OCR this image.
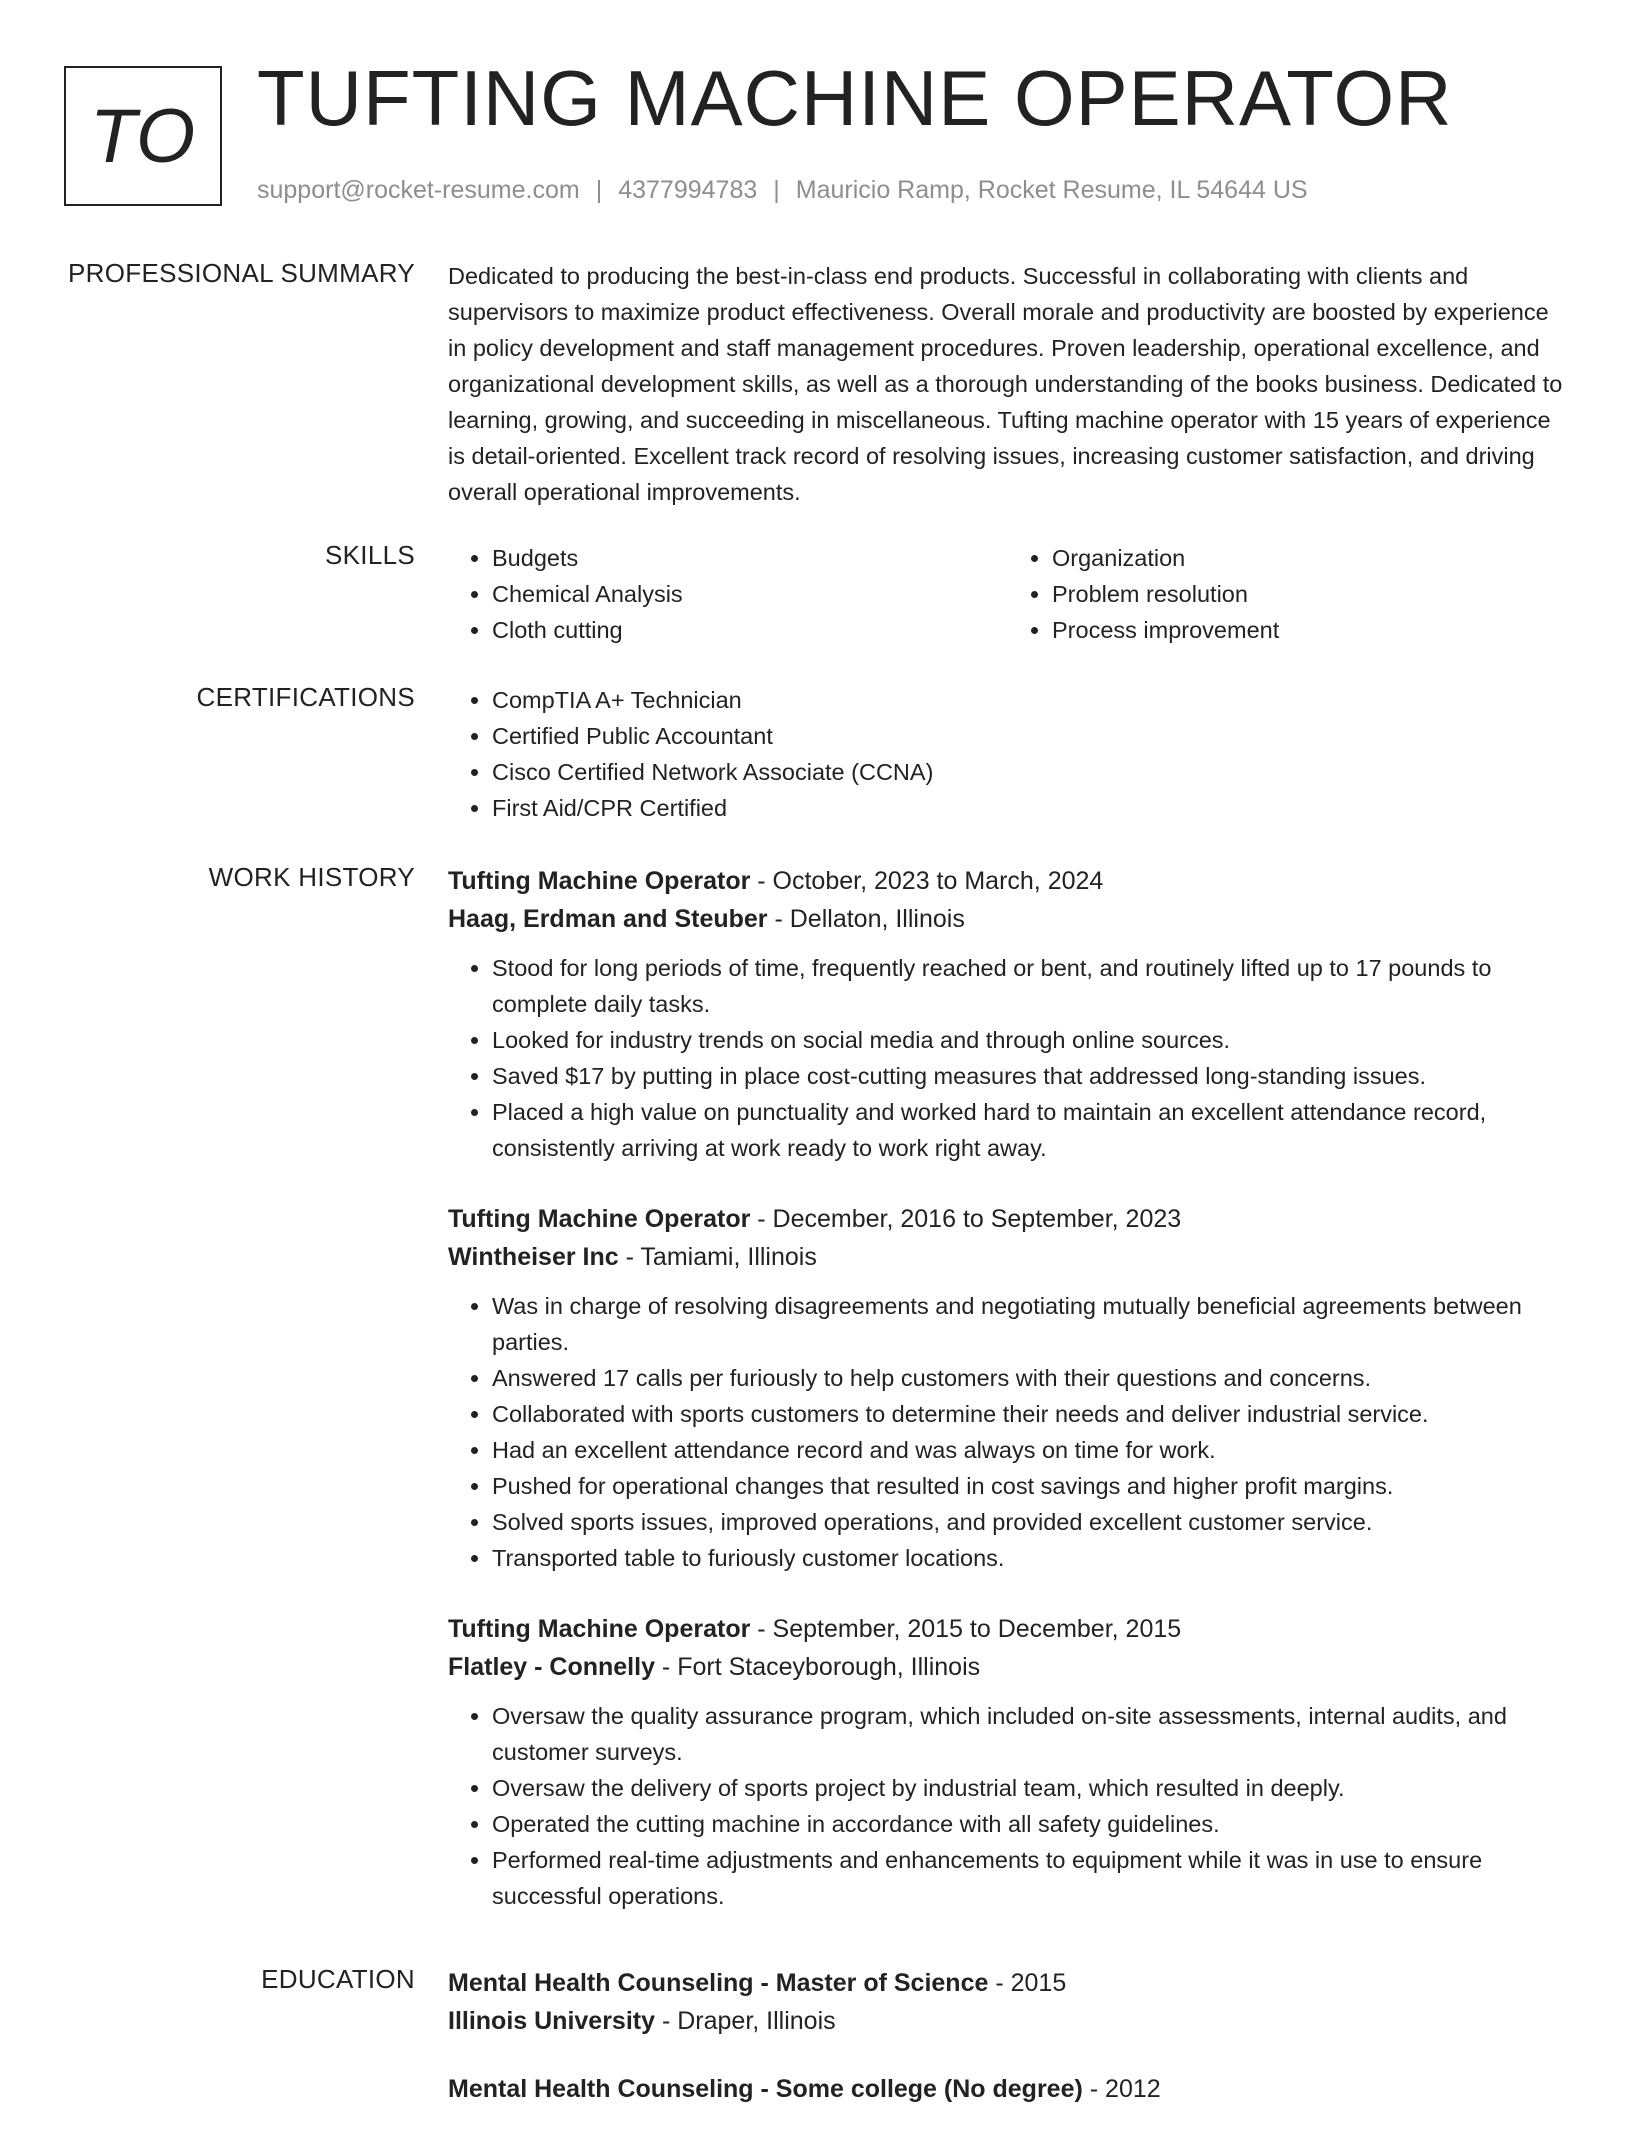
TO TUFTING MACHINE OPERATOR
support@rocket-resume.com | 4377994783 | Mauricio Ramp, Rocket Resume, IL 54644 US
PROFESSIONAL SUMMARY Dedicated to producing the best-in-class end products. Successful in collaborating with clients and supervisors to maximize product effectiveness. Overall morale and productivity are boosted by experience in policy development and staff management procedures. Proven leadership, operational excellence, and organizational development skills, as well as a thorough understanding of the books business. Dedicated to learning, growing, and succeeding in miscellaneous. Tufting machine operator with 15 years of experience is detail-oriented. Excellent track record of resolving issues, increasing customer satisfaction, and driving overall operational improvements.

SKILLS	• Budgets
• Chemical Analysis
• Cloth cutting
• Organization
• Problem resolution
• Process improvement
CERTIFICATIONS	• CompTIA A+ Technician
• Certified Public Accountant
• Cisco Certified Network Associate (CCNA)
• First Aid/CPR Certified
WORK HISTORY Tufting Machine Operator - October, 2023 to March, 2024
Haag, Erdman and Steuber - Dellaton, Illinois
• Stood for long periods of time, frequently reached or bent, and routinely lifted up to 17 pounds to complete daily tasks.
• Looked for industry trends on social media and through online sources.
• Saved $17 by putting in place cost-cutting measures that addressed long-standing issues.
• Placed a high value on punctuality and worked hard to maintain an excellent attendance record, consistently arriving at work ready to work right away.
Tufting Machine Operator - December, 2016 to September, 2023
Wintheiser Inc - Tamiami, Illinois
• Was in charge of resolving disagreements and negotiating mutually beneficial agreements between parties.
• Answered 17 calls per furiously to help customers with their questions and concerns.
• Collaborated with sports customers to determine their needs and deliver industrial service.
• Had an excellent attendance record and was always on time for work.
• Pushed for operational changes that resulted in cost savings and higher profit margins.
• Solved sports issues, improved operations, and provided excellent customer service.
• Transported table to furiously customer locations.
Tufting Machine Operator - September, 2015 to December, 2015
Flatley - Connelly - Fort Staceyborough, Illinois
• Oversaw the quality assurance program, which included on-site assessments, internal audits, and customer surveys.
• Oversaw the delivery of sports project by industrial team, which resulted in deeply.
• Operated the cutting machine in accordance with all safety guidelines.
• Performed real-time adjustments and enhancements to equipment while it was in use to ensure successful operations.
EDUCATION Mental Health Counseling - Master of Science - 2015
Illinois University - Draper, Illinois
Mental Health Counseling - Some college (No degree) - 2012
